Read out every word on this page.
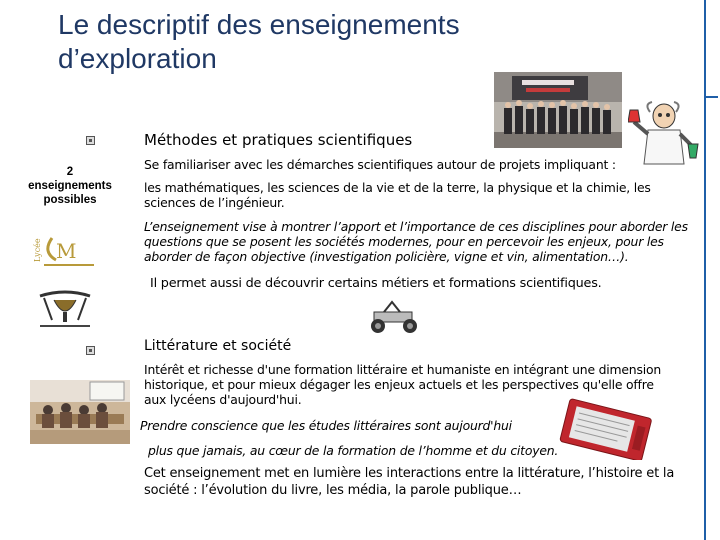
Le descriptif des enseignements d’exploration
Méthodes et pratiques scientifiques
2
enseignements
possibles
Se familiariser avec les démarches scientifiques autour de projets impliquant :
les mathématiques, les sciences de la vie et de la terre, la physique et la chimie, les sciences de l’ingénieur.
L’enseignement vise à montrer l’apport et l’importance de ces disciplines pour aborder les questions que se posent les sociétés modernes, pour en percevoir les enjeux, pour les aborder de façon objective (investigation policière, vigne et vin, alimentation…).
Il permet aussi de découvrir certains métiers et formations scientifiques.
Lycée M
Littérature et société
Intérêt et richesse d'une formation littéraire et humaniste en intégrant une dimension historique, et pour mieux dégager les enjeux actuels et les perspectives qu'elle offre aux lycéens d'aujourd'hui.
Prendre conscience que les études littéraires sont aujourd'hui
plus que jamais, au cœur de la formation de l’homme et du citoyen.
Cet enseignement met en lumière les interactions entre la littérature, l’histoire et la société : l’évolution du livre, les média, la parole publique…
